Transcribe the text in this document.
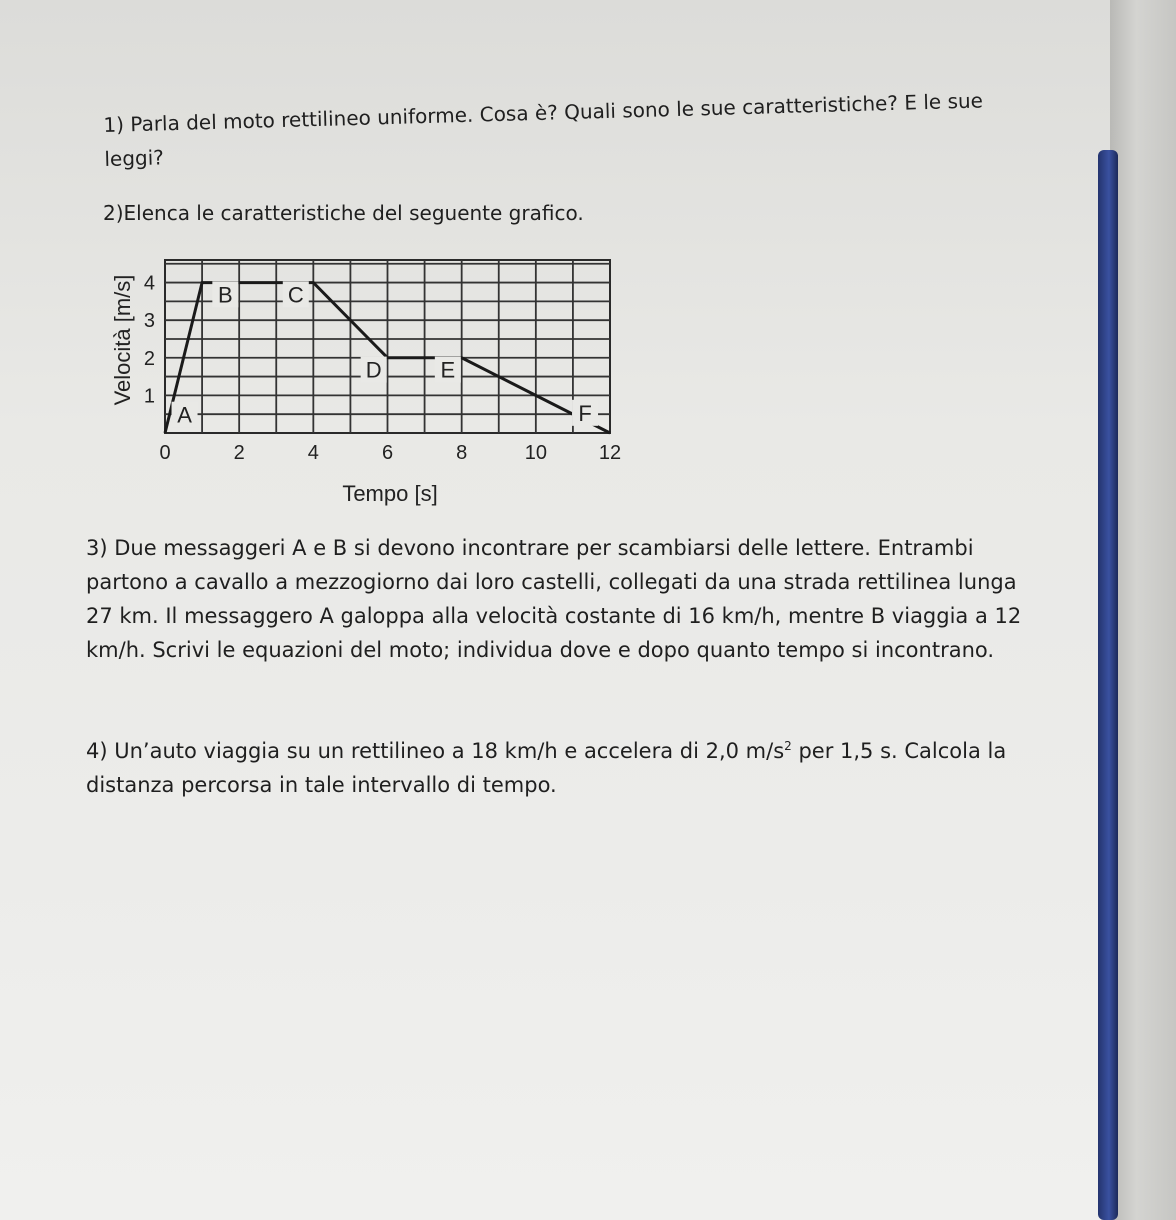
1) Parla del moto rettilineo uniforme. Cosa è? Quali sono le sue caratteristiche? E le sue leggi?

2)Elenca le caratteristiche del seguente grafico.

0	2	4	6	8	10	12
1
2
3
4
A
B	C
D	E
F
Tempo [s]
Velocità [m/s]

3) Due messaggeri A e B si devono incontrare per scambiarsi delle lettere. Entrambi partono a cavallo a mezzogiorno dai loro castelli, collegati da una strada rettilinea lunga 27 km. Il messaggero A galoppa alla velocità costante di 16 km/h, mentre B viaggia a 12 km/h. Scrivi le equazioni del moto; individua dove e dopo quanto tempo si incontrano.

4) Un’auto viaggia su un rettilineo a 18 km/h e accelera di 2,0 $m/s^2$ per 1,5 s. Calcola la distanza percorsa in tale intervallo di tempo.
